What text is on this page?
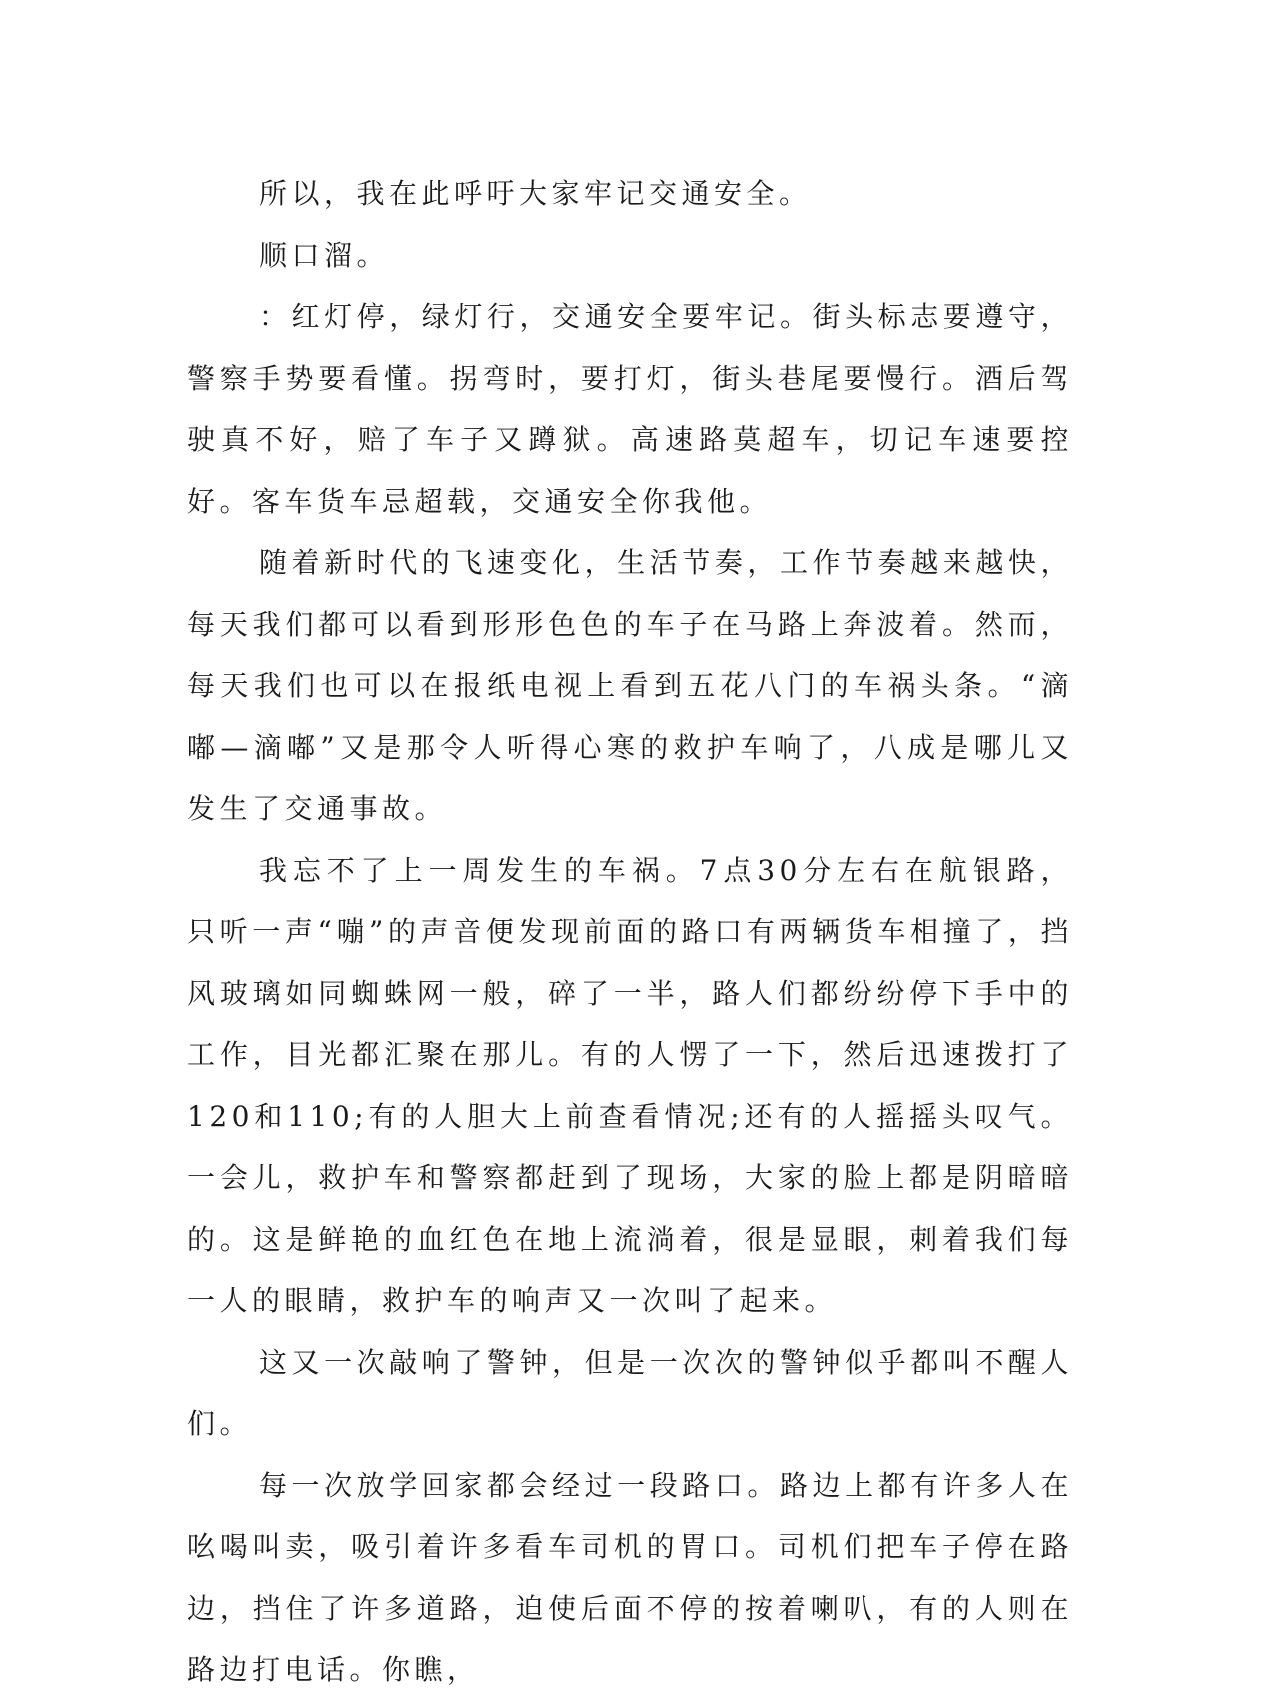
所以，我在此呼吁大家牢记交通安全。

顺口溜。

：红灯停，绿灯行，交通安全要牢记。街头标志要遵守，警察手势要看懂。拐弯时，要打灯，街头巷尾要慢行。酒后驾驶真不好，赔了车子又蹲狱。高速路莫超车，切记车速要控好。客车货车忌超载，交通安全你我他。

随着新时代的飞速变化，生活节奏，工作节奏越来越快，每天我们都可以看到形形色色的车子在马路上奔波着。然而，每天我们也可以在报纸电视上看到五花八门的车祸头条。“滴嘟—滴嘟”又是那令人听得心寒的救护车响了，八成是哪儿又发生了交通事故。

我忘不了上一周发生的车祸。7点30分左右在航银路，只听一声“嘣”的声音便发现前面的路口有两辆货车相撞了，挡风玻璃如同蜘蛛网一般，碎了一半，路人们都纷纷停下手中的工作，目光都汇聚在那儿。有的人愣了一下，然后迅速拨打了120和110;有的人胆大上前查看情况;还有的人摇摇头叹气。一会儿，救护车和警察都赶到了现场，大家的脸上都是阴暗暗的。这是鲜艳的血红色在地上流淌着，很是显眼，刺着我们每一人的眼睛，救护车的响声又一次叫了起来。

这又一次敲响了警钟，但是一次次的警钟似乎都叫不醒人们。

每一次放学回家都会经过一段路口。路边上都有许多人在吆喝叫卖，吸引着许多看车司机的胃口。司机们把车子停在路边，挡住了许多道路，迫使后面不停的按着喇叭，有的人则在路边打电话。你瞧，
